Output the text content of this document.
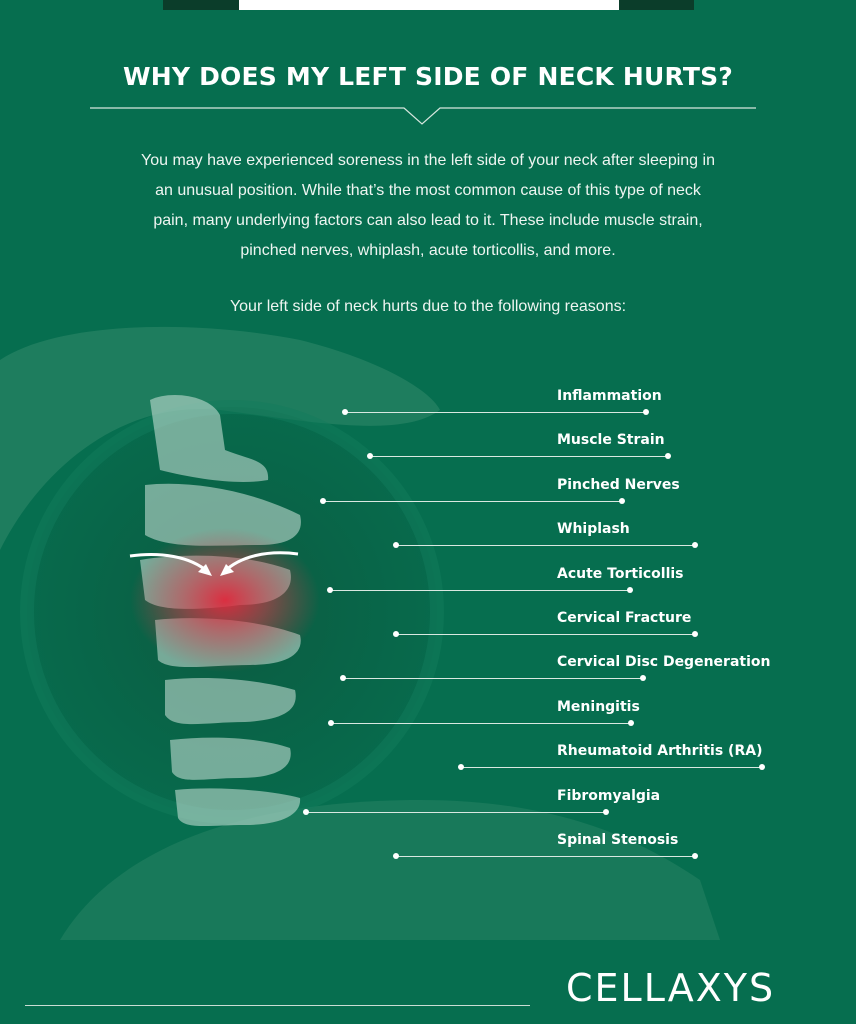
WHY DOES MY LEFT SIDE OF NECK HURTS?

You may have experienced soreness in the left side of your neck after sleeping in an unusual position. While that’s the most common cause of this type of neck pain, many underlying factors can also lead to it. These include muscle strain, pinched nerves, whiplash, acute torticollis, and more.

Your left side of neck hurts due to the following reasons:

Inflammation
Muscle Strain
Pinched Nerves
Whiplash
Acute Torticollis
Cervical Fracture
Cervical Disc Degeneration
Meningitis
Rheumatoid Arthritis (RA)
Fibromyalgia
Spinal Stenosis
CELLAXYS
